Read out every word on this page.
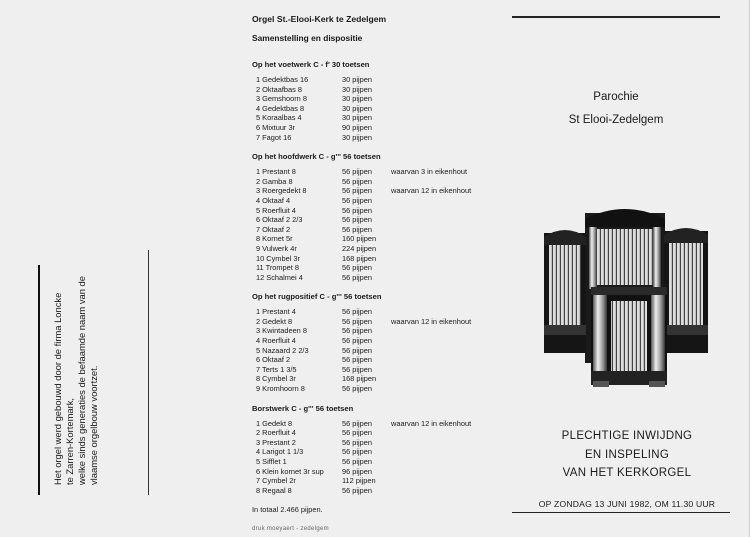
Het orgel werd gebouwd door de firma Loncke te Zarren-Kortemark, welke sinds generaties de befaamde naam van de vlaamse orgelbouw voortzet.
Orgel St.-Elooi-Kerk te Zedelgem
Samenstelling en dispositie
Op het voetwerk C - f' 30 toetsen
1 Gedektbas 16	30 pijpen
2 Oktaafbas 8	30 pijpen
3 Gemshoorn 8	30 pijpen
4 Gedektbas 8	30 pijpen
5 Koraalbas 4	30 pijpen
6 Mixtuur 3r	90 pijpen
7 Fagot 16	30 pijpen
Op het hoofdwerk C - g''' 56 toetsen
1 Prestant 8	56 pijpen	waarvan 3 in eikenhout
2 Gamba 8	56 pijpen
3 Roergedekt 8	56 pijpen	waarvan 12 in eikenhout
4 Oktaaf 4	56 pijpen
5 Roerfluit 4	56 pijpen
6 Oktaaf 2 2/3	56 pijpen
7 Oktaaf 2	56 pijpen
8 Kornet 5r	160 pijpen
9 Vulwerk 4r	224 pijpen
10 Cymbel 3r	168 pijpen
11 Trompet 8	56 pijpen
12 Schalmei 4	56 pijpen
Op het rugpositief C - g''' 56 toetsen
1 Prestant 4	56 pijpen
2 Gedekt 8	56 pijpen	waarvan 12 in eikenhout
3 Kwintadeen 8	56 pijpen
4 Roerfluit 4	56 pijpen
5 Nazaard 2 2/3	56 pijpen
6 Oktaaf 2	56 pijpen
7 Terts 1 3/5	56 pijpen
8 Cymbel 3r	168 pijpen
9 Kromhoorn 8	56 pijpen
Borstwerk C - g''' 56 toetsen
1 Gedekt 8	56 pijpen	waarvan 12 in eikenhout
2 Roerfluit 4	56 pijpen
3 Prestant 2	56 pijpen
4 Larigot 1 1/3	56 pijpen
5 Sifflet 1	56 pijpen
6 Klein kornet 3r sup 96 pijpen
7 Cymbel 2r	112 pijpen
8 Regaal 8	56 pijpen
In totaal 2.466 pijpen.
druk moeyaert - zedelgem
Parochie
St Elooi-Zedelgem
PLECHTIGE INWIJDNG
EN INSPELING
VAN HET KERKORGEL
OP ZONDAG 13 JUNI 1982, OM 11.30 UUR
